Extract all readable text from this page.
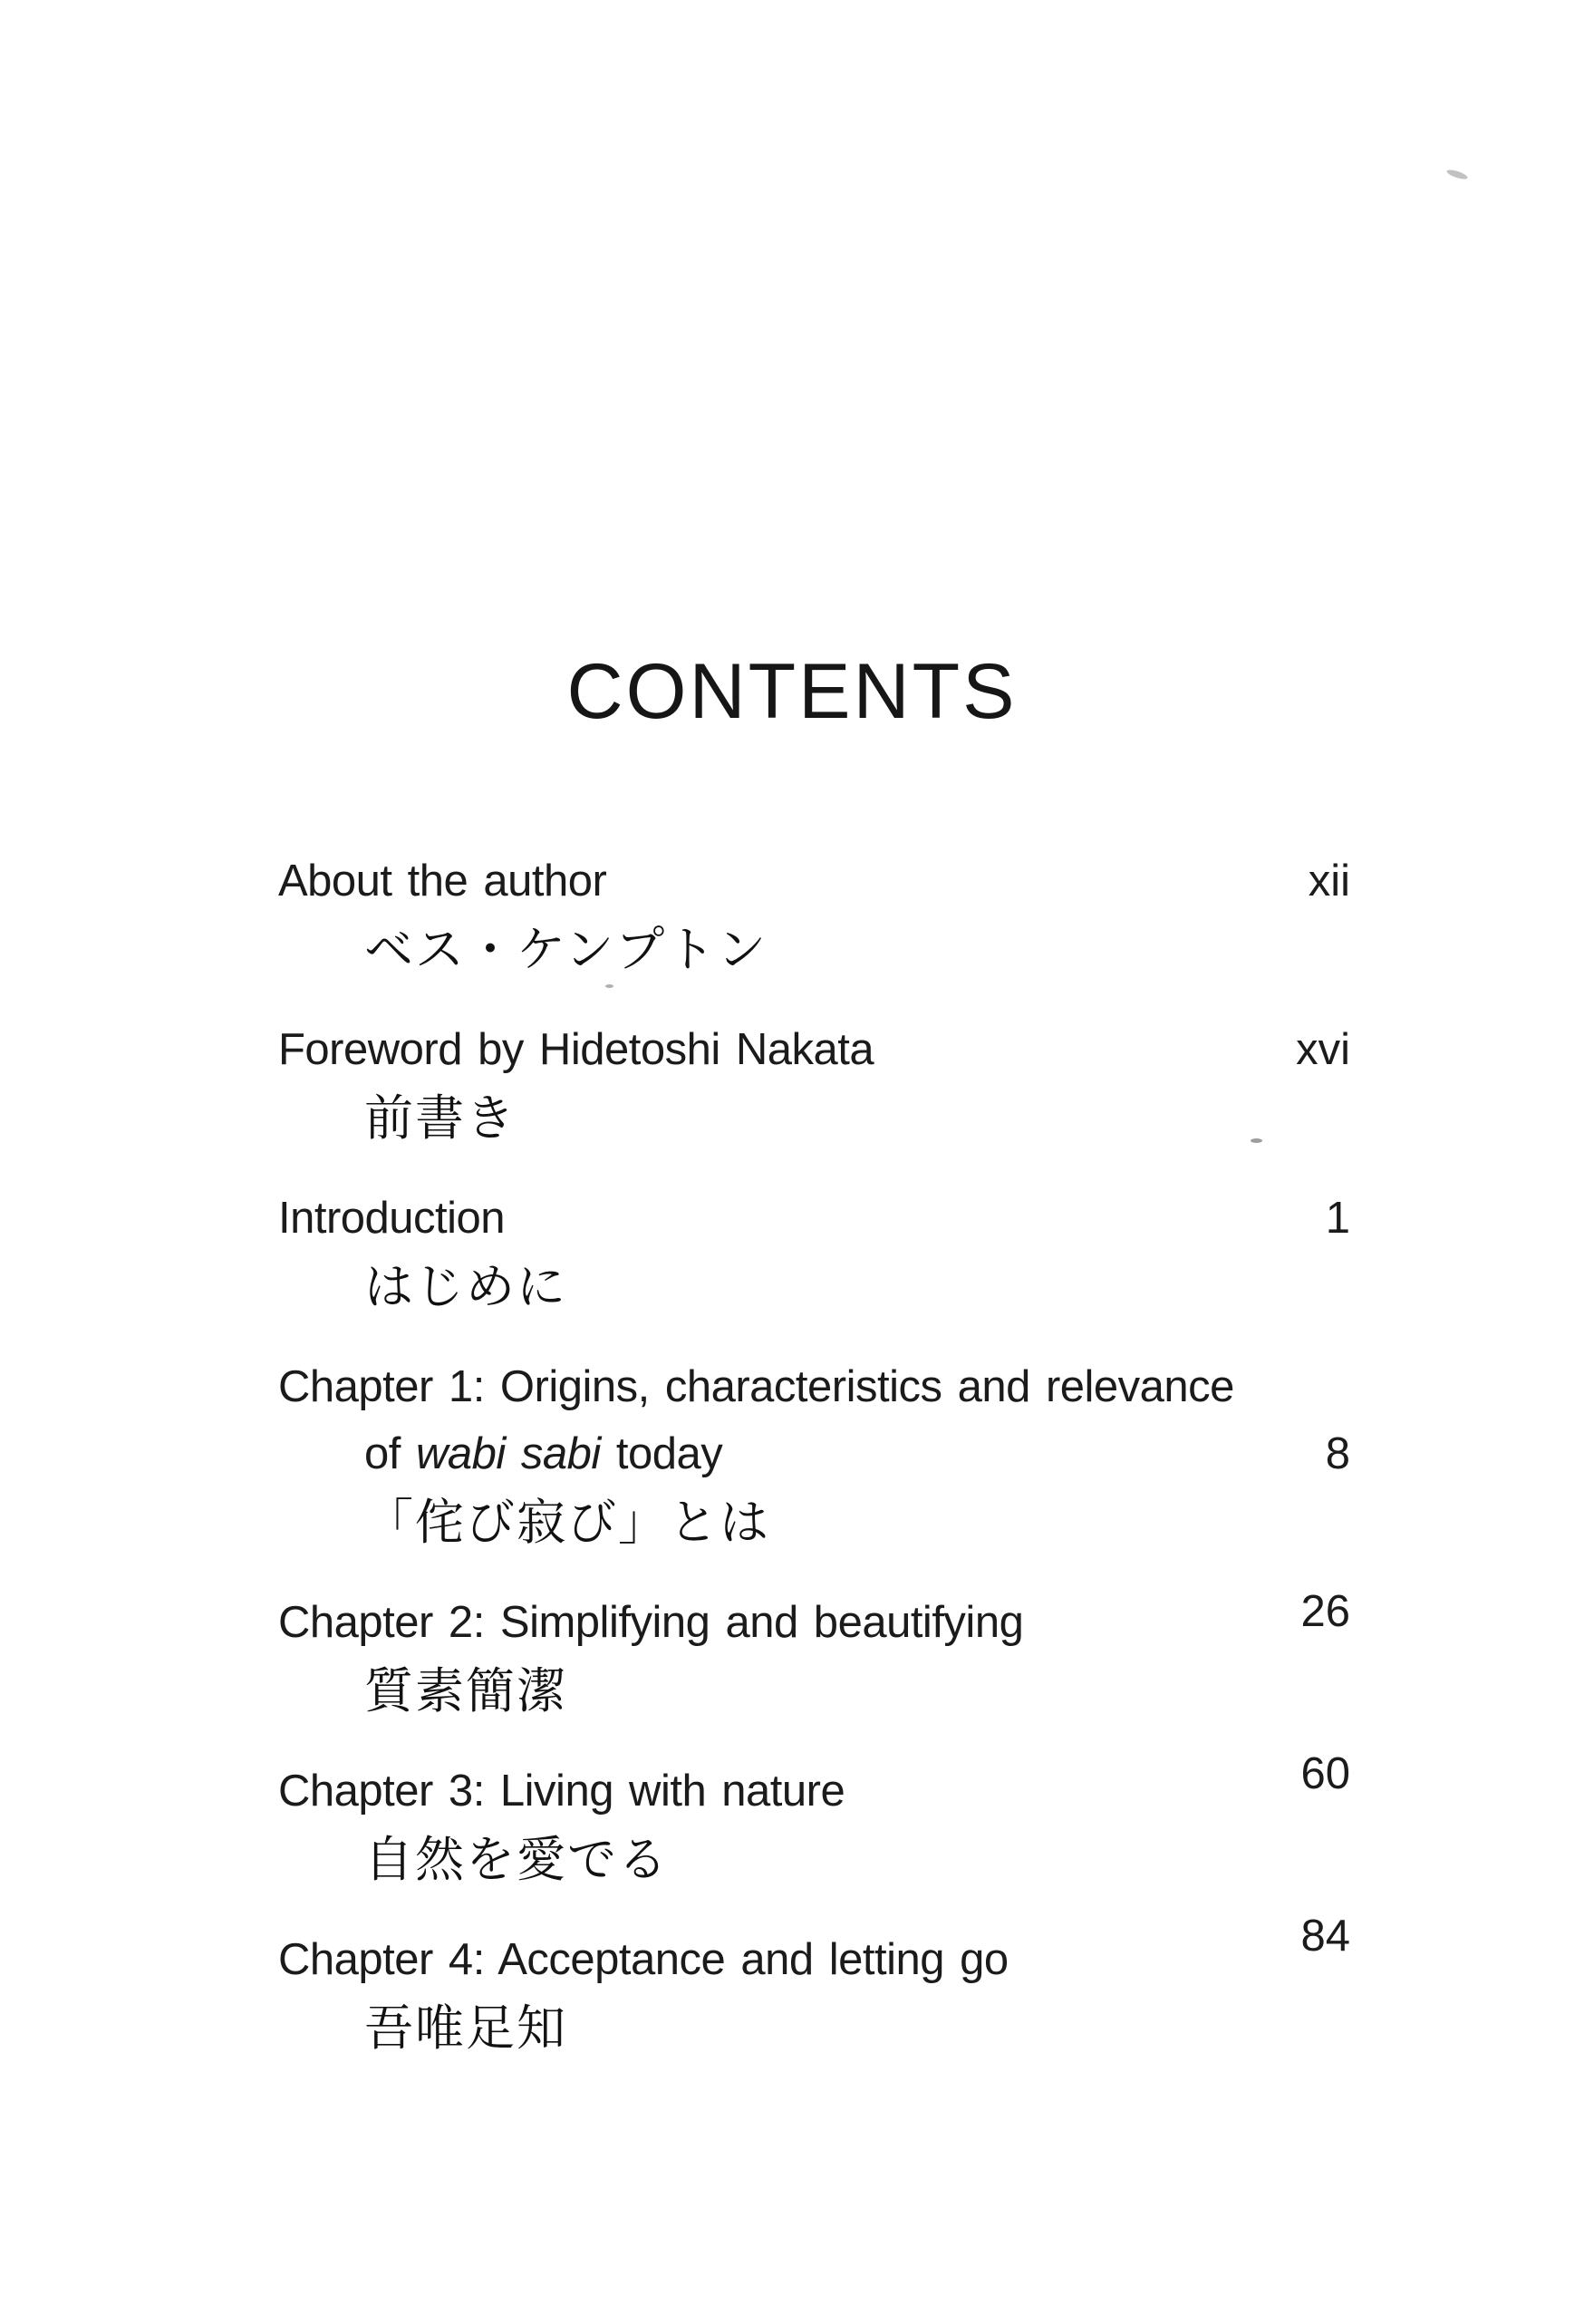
CONTENTS
About the author
ベス・ケンプトン
xii
Foreword by Hidetoshi Nakata
前書き
xvi
Introduction
はじめに
1
Chapter 1: Origins, characteristics and relevance
of wabi sabi today
「侘び寂び」とは
8
Chapter 2: Simplifying and beautifying
質素簡潔
26
Chapter 3: Living with nature
自然を愛でる
60
Chapter 4: Acceptance and letting go
吾唯足知
84
